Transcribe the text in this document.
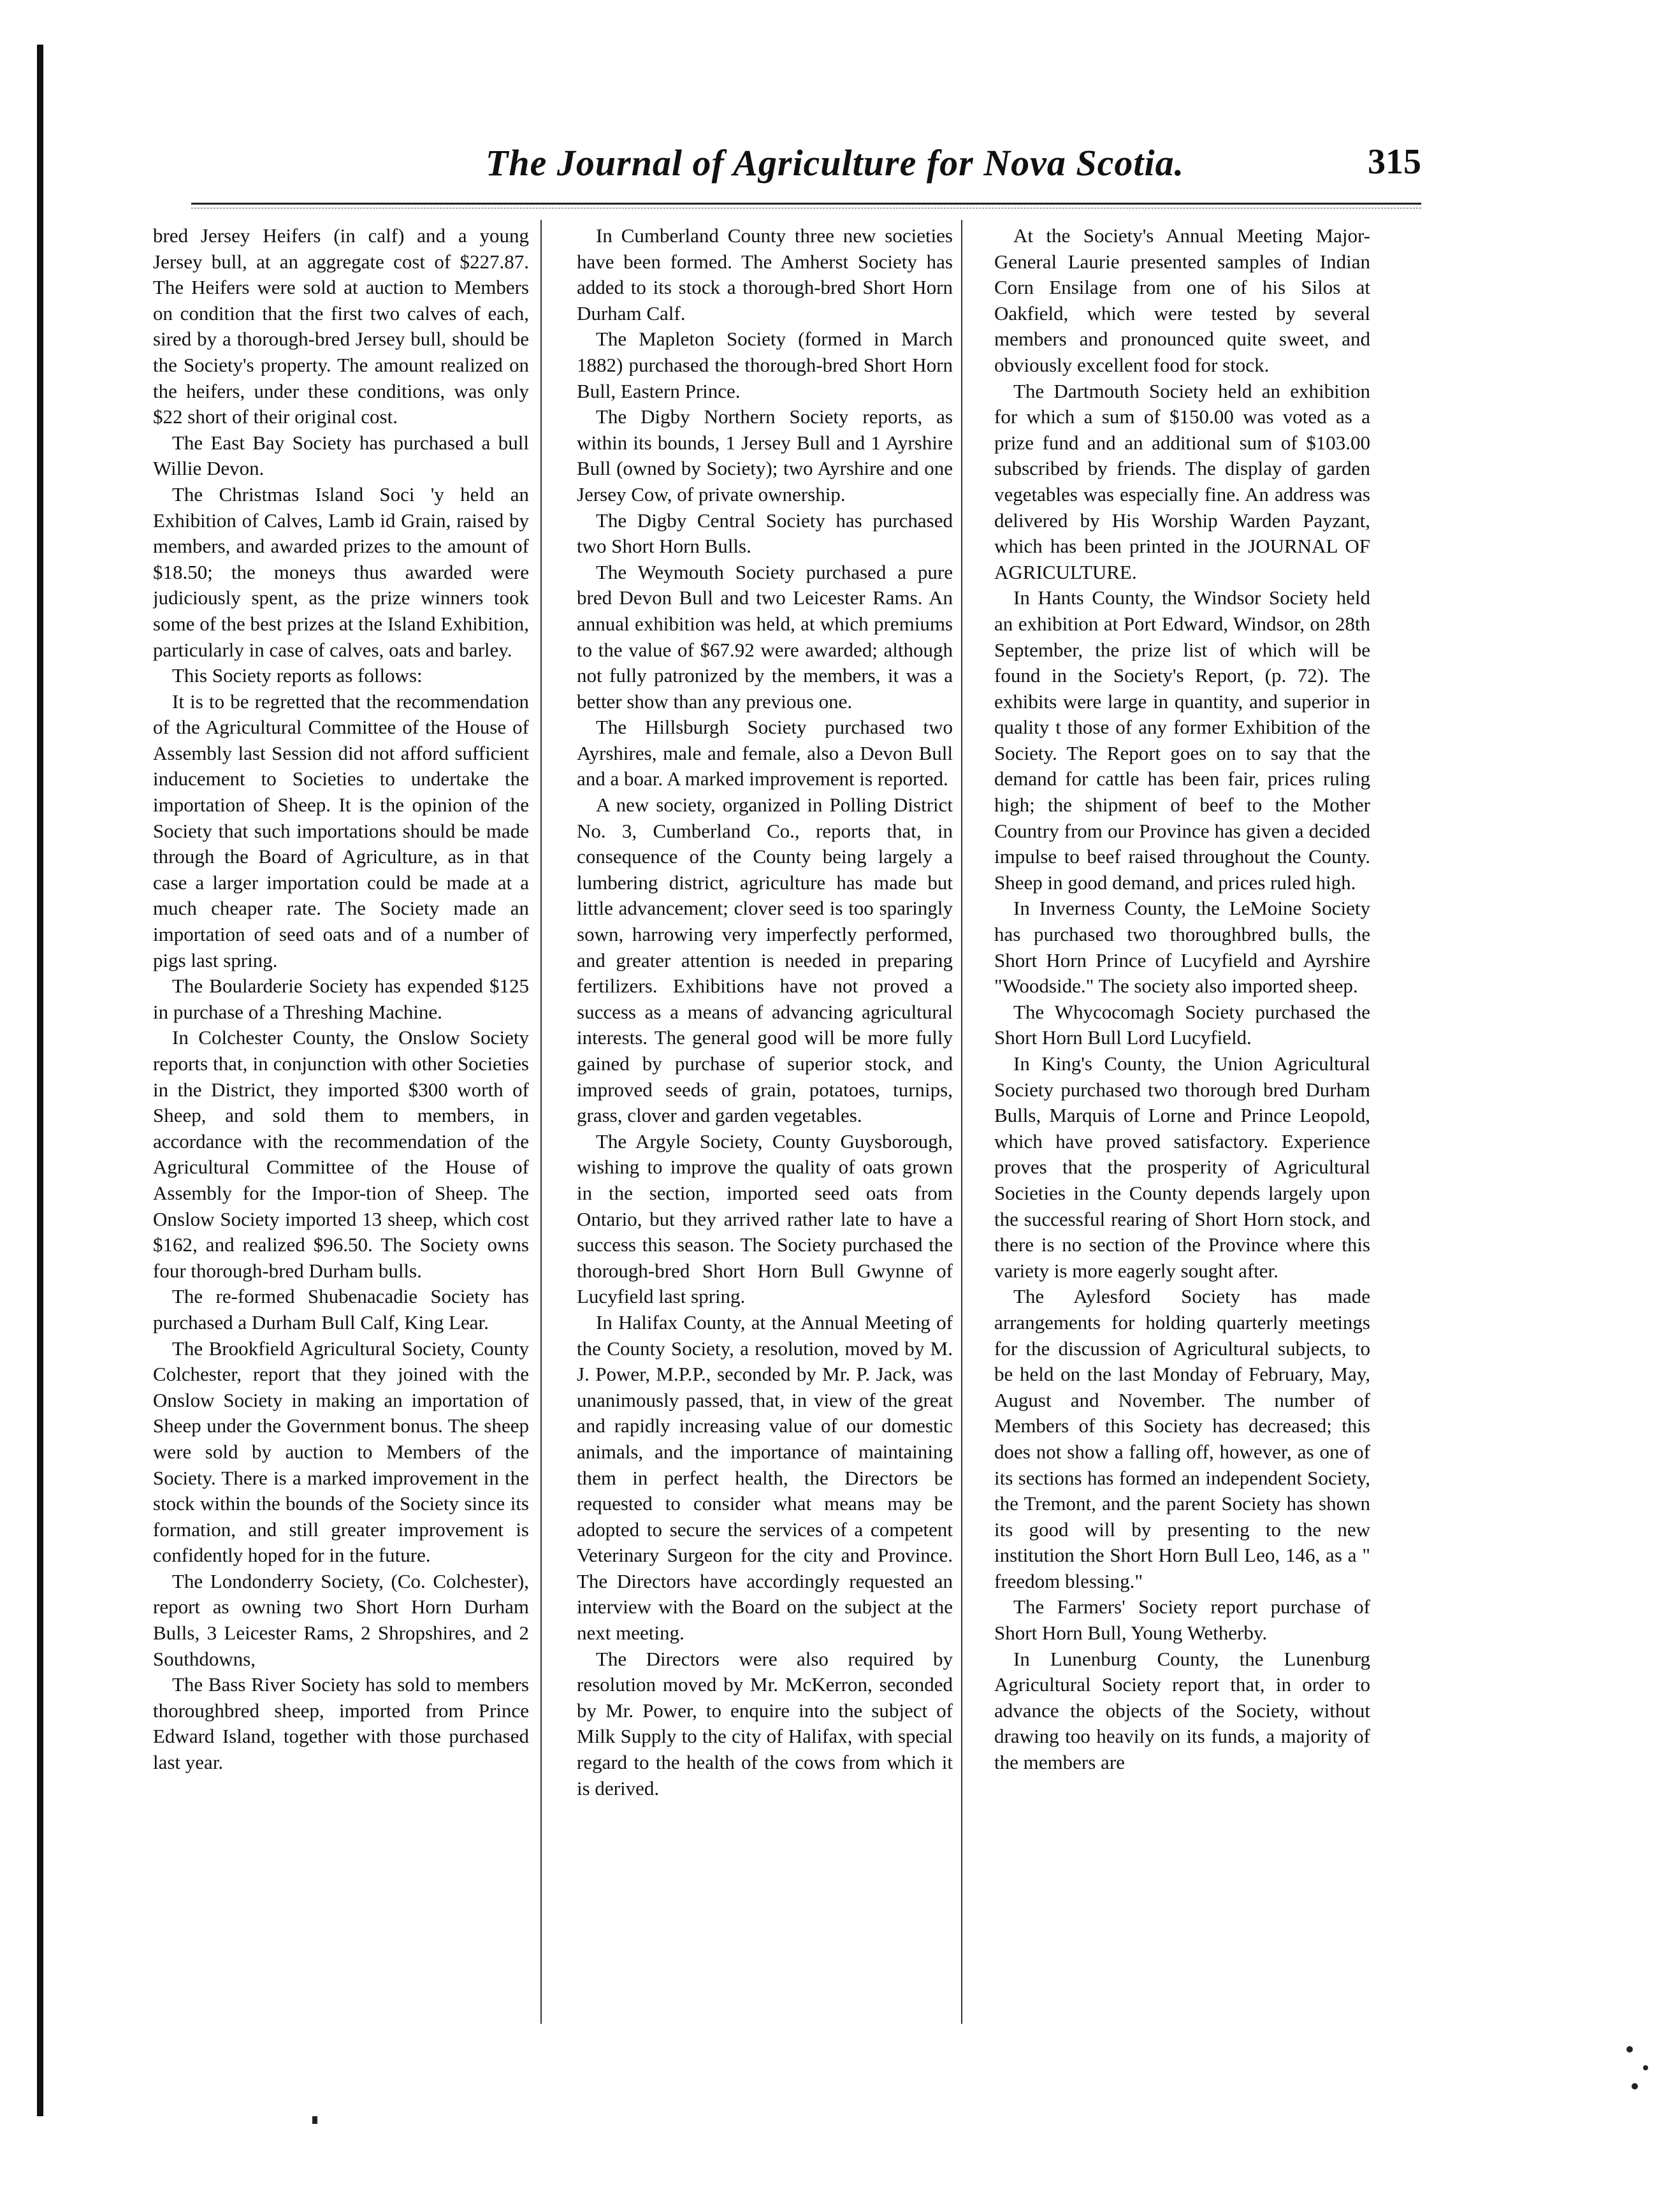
The Journal of Agriculture for Nova Scotia.	315

bred Jersey Heifers (in calf) and a young Jersey bull, at an aggregate cost of $227.87. The Heifers were sold at auction to Members on condition that the first two calves of each, sired by a thorough-bred Jersey bull, should be the Society's property. The amount realized on the heifers, under these conditions, was only $22 short of their original cost.

The East Bay Society has purchased a bull Willie Devon.

The Christmas Island Soci 'y held an Exhibition of Calves, Lamb id Grain, raised by members, and awarded prizes to the amount of $18.50; the moneys thus awarded were judiciously spent, as the prize winners took some of the best prizes at the Island Exhibition, particularly in case of calves, oats and barley.

This Society reports as follows:

It is to be regretted that the recommendation of the Agricultural Committee of the House of Assembly last Session did not afford sufficient inducement to Societies to undertake the importation of Sheep. It is the opinion of the Society that such importations should be made through the Board of Agriculture, as in that case a larger importation could be made at a much cheaper rate. The Society made an importation of seed oats and of a number of pigs last spring.

The Boularderie Society has expended $125 in purchase of a Threshing Machine.

In Colchester County, the Onslow Society reports that, in conjunction with other Societies in the District, they imported $300 worth of Sheep, and sold them to members, in accordance with the recommendation of the Agricultural Committee of the House of Assembly for the Impor-tion of Sheep. The Onslow Society imported 13 sheep, which cost $162, and realized $96.50. The Society owns four thorough-bred Durham bulls.

The re-formed Shubenacadie Society has purchased a Durham Bull Calf, King Lear.

The Brookfield Agricultural Society, County Colchester, report that they joined with the Onslow Society in making an importation of Sheep under the Government bonus. The sheep were sold by auction to Members of the Society. There is a marked improvement in the stock within the bounds of the Society since its formation, and still greater improvement is confidently hoped for in the future.

The Londonderry Society, (Co. Colchester), report as owning two Short Horn Durham Bulls, 3 Leicester Rams, 2 Shropshires, and 2 Southdowns,

The Bass River Society has sold to members thoroughbred sheep, imported from Prince Edward Island, together with those purchased last year.

In Cumberland County three new societies have been formed. The Amherst Society has added to its stock a thorough-bred Short Horn Durham Calf.

The Mapleton Society (formed in March 1882) purchased the thorough-bred Short Horn Bull, Eastern Prince.

The Digby Northern Society reports, as within its bounds, 1 Jersey Bull and 1 Ayrshire Bull (owned by Society); two Ayrshire and one Jersey Cow, of private ownership.

The Digby Central Society has purchased two Short Horn Bulls.

The Weymouth Society purchased a pure bred Devon Bull and two Leicester Rams. An annual exhibition was held, at which premiums to the value of $67.92 were awarded; although not fully patronized by the members, it was a better show than any previous one.

The Hillsburgh Society purchased two Ayrshires, male and female, also a Devon Bull and a boar. A marked improvement is reported.

A new society, organized in Polling District No. 3, Cumberland Co., reports that, in consequence of the County being largely a lumbering district, agriculture has made but little advancement; clover seed is too sparingly sown, harrowing very imperfectly performed, and greater attention is needed in preparing fertilizers. Exhibitions have not proved a success as a means of advancing agricultural interests. The general good will be more fully gained by purchase of superior stock, and improved seeds of grain, potatoes, turnips, grass, clover and garden vegetables.

The Argyle Society, County Guysborough, wishing to improve the quality of oats grown in the section, imported seed oats from Ontario, but they arrived rather late to have a success this season. The Society purchased the thorough-bred Short Horn Bull Gwynne of Lucyfield last spring.

In Halifax County, at the Annual Meeting of the County Society, a resolution, moved by M. J. Power, M.P.P., seconded by Mr. P. Jack, was unanimously passed, that, in view of the great and rapidly increasing value of our domestic animals, and the importance of maintaining them in perfect health, the Directors be requested to consider what means may be adopted to secure the services of a competent Veterinary Surgeon for the city and Province. The Directors have accordingly requested an interview with the Board on the subject at the next meeting.

The Directors were also required by resolution moved by Mr. McKerron, seconded by Mr. Power, to enquire into the subject of Milk Supply to the city of Halifax, with special regard to the health of the cows from which it is derived.

At the Society's Annual Meeting Major-General Laurie presented samples of Indian Corn Ensilage from one of his Silos at Oakfield, which were tested by several members and pronounced quite sweet, and obviously excellent food for stock.

The Dartmouth Society held an exhibition for which a sum of $150.00 was voted as a prize fund and an additional sum of $103.00 subscribed by friends. The display of garden vegetables was especially fine. An address was delivered by His Worship Warden Payzant, which has been printed in the JOURNAL OF AGRICULTURE.

In Hants County, the Windsor Society held an exhibition at Port Edward, Windsor, on 28th September, the prize list of which will be found in the Society's Report, (p. 72). The exhibits were large in quantity, and superior in quality t those of any former Exhibition of the Society. The Report goes on to say that the demand for cattle has been fair, prices ruling high; the shipment of beef to the Mother Country from our Province has given a decided impulse to beef raised throughout the County. Sheep in good demand, and prices ruled high.

In Inverness County, the LeMoine Society has purchased two thoroughbred bulls, the Short Horn Prince of Lucyfield and Ayrshire "Woodside." The society also imported sheep.

The Whycocomagh Society purchased the Short Horn Bull Lord Lucyfield.

In King's County, the Union Agricultural Society purchased two thorough bred Durham Bulls, Marquis of Lorne and Prince Leopold, which have proved satisfactory. Experience proves that the prosperity of Agricultural Societies in the County depends largely upon the successful rearing of Short Horn stock, and there is no section of the Province where this variety is more eagerly sought after.

The Aylesford Society has made arrangements for holding quarterly meetings for the discussion of Agricultural subjects, to be held on the last Monday of February, May, August and November. The number of Members of this Society has decreased; this does not show a falling off, however, as one of its sections has formed an independent Society, the Tremont, and the parent Society has shown its good will by presenting to the new institution the Short Horn Bull Leo, 146, as a " freedom blessing."

The Farmers' Society report purchase of Short Horn Bull, Young Wetherby.

In Lunenburg County, the Lunenburg Agricultural Society report that, in order to advance the objects of the Society, without drawing too heavily on its funds, a majority of the members are
